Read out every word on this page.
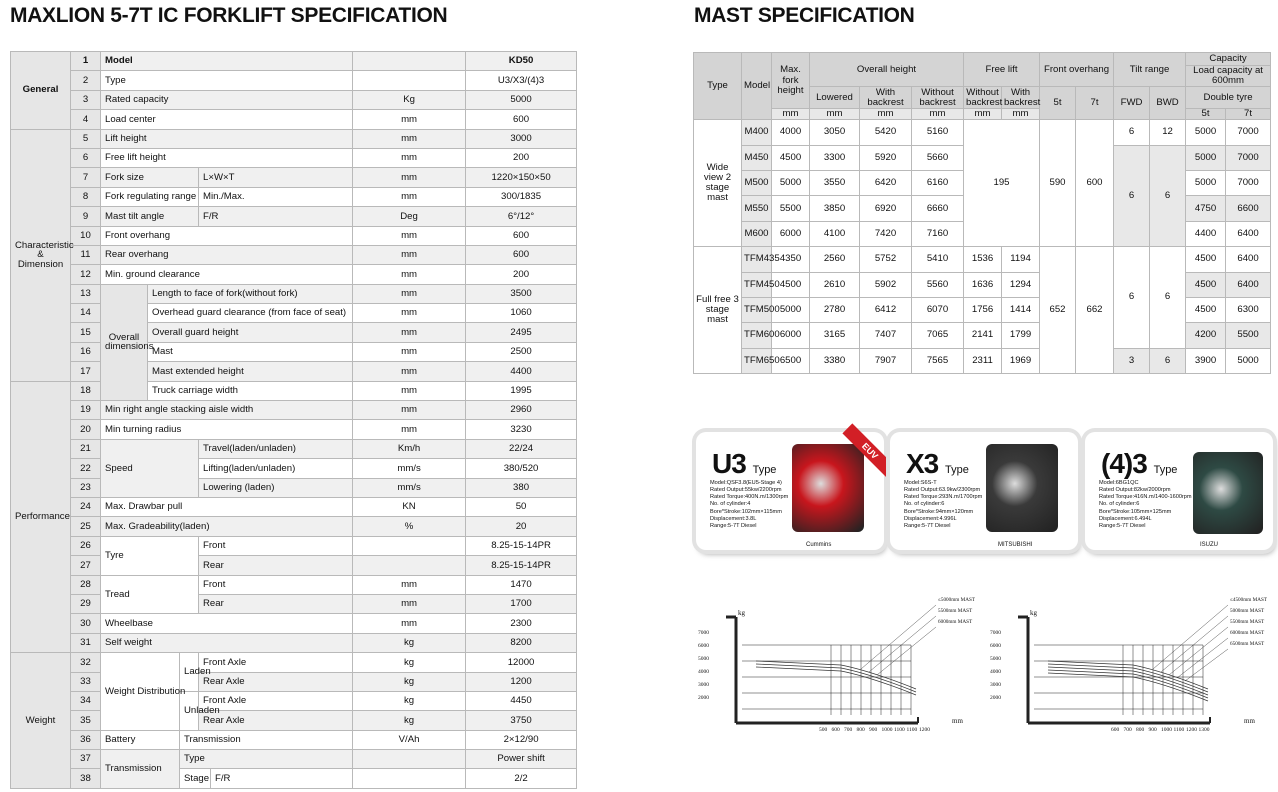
MAXLION 5-7T IC FORKLIFT SPECIFICATION	MAST SPECIFICATION
General	1	Model						KD50	
	2	Type						U3/X3/(4)3	
	3	Rated capacity					Kg	5000	
	4	Load center					mm	600	
Characteristic & Dimension	5	Lift height					mm	3000	
	6	Free lift height					mm	200	
	7	Fork size			L×W×T		mm	1220×150×50	
	8	Fork regulating range			Min./Max.		mm	300/1835	
	9	Mast tilt angle			F/R		Deg	6°/12°	
	10	Front overhang					mm	600	
	11	Rear overhang					mm	600	
	12	Min. ground clearance					mm	200	
	13	Overall dimensions	Length to face of fork(without fork)				mm	3500	
	14		Overhead guard clearance (from face of seat)				mm	1060	
	15		Overall guard height				mm	2495	
	16		Mast				mm	2500	
	17		Mast extended height				mm	4400	
Performance	18		Truck carriage width				mm	1995	
	19	Min right angle stacking aisle width					mm	2960	
	20	Min turning radius					mm	3230	
	21	Speed			Travel(laden/unladen)		Km/h	22/24	
	22				Lifting(laden/unladen)		mm/s	380/520	
	23				Lowering (laden)		mm/s	380	
	24	Max. Drawbar pull					KN	50	
	25	Max. Gradeability(laden)					%	20	
	26	Tyre			Front			8.25-15-14PR	
	27				Rear			8.25-15-14PR	
	28	Tread			Front		mm	1470	
	29				Rear		mm	1700	
	30	Wheelbase					mm	2300	
	31	Self weight					kg	8200	
Weight	32	Weight Distribution		Laden	Front Axle		kg	12000	
	33				Rear Axle		kg	1200	
	34			Unladen	Front Axle		kg	4450	
	35				Rear Axle		kg	3750	
	36	Battery		Transmission			V/Ah	2×12/90	
	37	Transmission		Type				Power shift	
	38			Stage		F/R		2/2	
Type	Model	Max. fork height	Overall height			Free lift		Front overhang		Tilt range		Capacity	
												Load capacity at 600mm	
			Lowered	With backrest	Without backrest	Without backrest	With backrest	5t	7t	FWD	BWD	Double tyre	
		mm	mm	mm	mm	mm	mm					5t	7t
Wide view 2 stage mast	M400	4000	3050	5420	5160	195		590	600	6	12	5000	7000
	M450	4500	3300	5920	5660					6	6	5000	7000
	M500	5000	3550	6420	6160							5000	7000
	M550	5500	3850	6920	6660							4750	6600
	M600	6000	4100	7420	7160							4400	6400
Full free 3 stage mast	TFM435	4350	2560	5752	5410	1536	1194	652	662	6	6	4500	6400
	TFM450	4500	2610	5902	5560	1636	1294					4500	6400
	TFM500	5000	2780	6412	6070	1756	1414					4500	6300
	TFM600	6000	3165	7407	7065	2141	1799					4200	5500
	TFM650	6500	3380	7907	7565	2311	1969			3	6	3900	5000
U3 Type
Model:QSF3.8(EU5-Stage 4)
Rated Output:55kw/2200rpm
Rated Torque:400N.m/1300rpm
No. of cylinder:4
Bore*Stroke:102mm×115mm
Displacement:3.8L
Range:5-7T Diesel
Cummins
EUV X3 Type
Model:S6S-T
Rated Output:63.9kw/2300rpm
Rated Torque:293N.m/1700rpm
No. of cylinder:6
Bore*Stroke:94mm×120mm
Displacement:4.996L
Range:5-7T Diesel
MITSUBISHI
(4)3 Type
Model:6BG1QC
Rated Output:82kw/2000rpm
Rated Torque:416N.m/1400-1600rpm
No. of cylinder:6
Bore*Stroke:105mm×125mm
Displacement:6.494L
Range:5-7T Diesel
ISUZU
kg
mm
7000
6000
5000
4000
3000
2000
500 600 700 800 900 1000 1100 1100 1200
≤5000mm MAST
5500mm MAST
6000mm MAST
kg
mm
7000
6000
5000
4000
3000
2000
600 700 800 900 1000 1100 1200 1300
≤4500mm MAST
5000mm MAST
5500mm MAST
6000mm MAST
6500mm MAST
